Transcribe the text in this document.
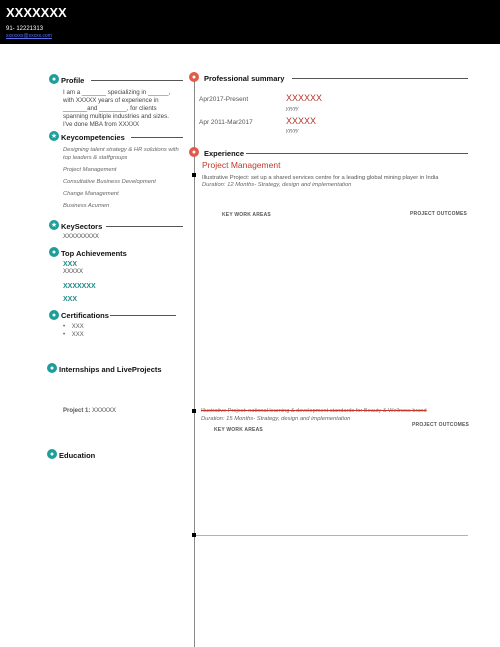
XXXXXXX
91- 12221313
xxxxxxx@xxxxx.com
● Profile
I am a _______ specializing in ______,
with XXXXX years of experience in
_______and ________, for clients
spanning multiple industries and sizes.
I've done MBA from XXXXX
★ Keycompetencies
Designing talent strategy & HR solutions with top leaders & staffgroups
Project Management
Consultative Business Development
Change Management
Business Acumen
★ KeySectors
XXXXXXXXX
● Top Achievements
XXX
XXXXX
XXXXXXX
XXX
● Certifications
•    XXX
•    XXX
● Internships and LiveProjects
Project 1: XXXXXX
● Education
●	Professional summary
Apr2017-Present	XXXXXX
yyyyy
Apr 2011-Mar2017	XXXXX
yyyyy
●	Experience
Project Management
Illustrative Project: set up a shared services centre for a leading global mining player in India
Duration: 12 Months- Strategy, design and implementation
KEY WORK AREAS	PROJECT OUTCOMES
Illustrative Project: national learning & development standards for Beauty & Wellness brand
Duration: 15 Months- Strategy, design and implementation
PROJECT OUTCOMES
KEY WORK AREAS
